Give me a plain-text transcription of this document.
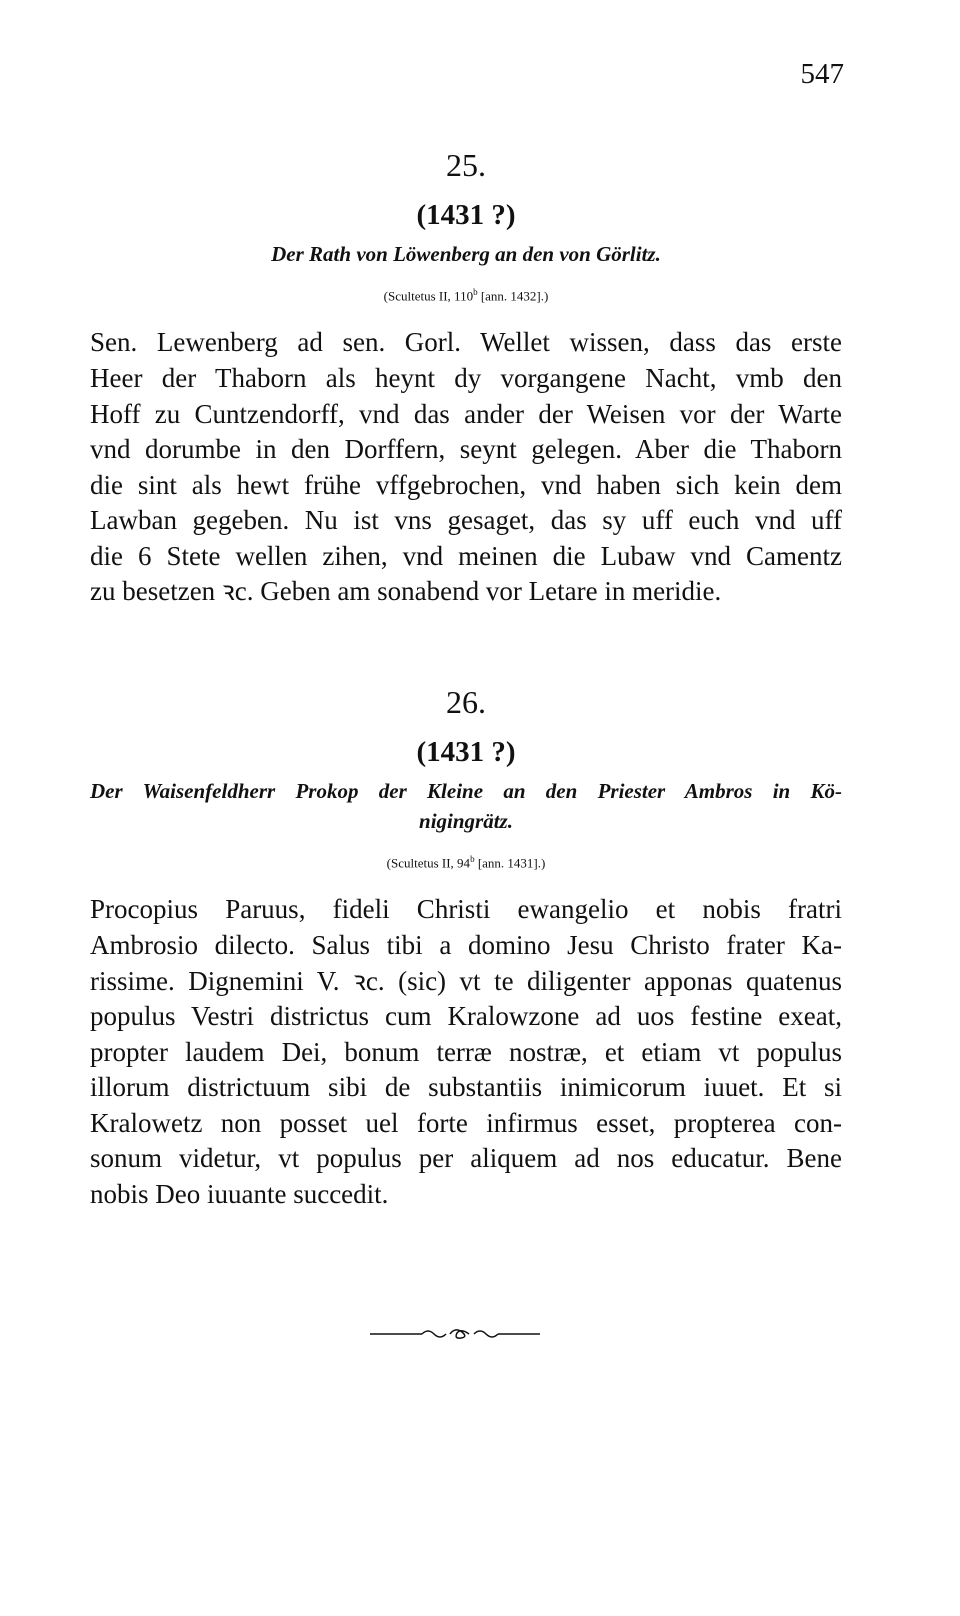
547
25.
(1431 ?)
Der Rath von Löwenberg an den von Görlitz.
(Scultetus II, 110$^b$ [ann. 1432].)
Sen. Lewenberg ad sen. Gorl. Wellet wissen, dass das erste
Heer der Thaborn als heynt dy vorgangene Nacht, vmb den
Hoff zu Cuntzendorff, vnd das ander der Weisen vor der Warte
vnd dorumbe in den Dorffern, seynt gelegen. Aber die Thaborn
die sint als hewt frühe vffgebrochen, vnd haben sich kein dem
Lawban gegeben. Nu ist vns gesaget, das sy uff euch vnd uff
die 6 Stete wellen zihen, vnd meinen die Lubaw vnd Camentz
zu besetzen ꝛc. Geben am sonabend vor Letare in meridie.
26.
(1431 ?)
Der Waisenfeldherr Prokop der Kleine an den Priester Ambros in Kö-
nigingrätz.
(Scultetus II, 94$^b$ [ann. 1431].)
Procopius Paruus, fideli Christi ewangelio et nobis fratri
Ambrosio dilecto. Salus tibi a domino Jesu Christo frater Ka-
rissime. Dignemini V. ꝛc. (sic) vt te diligenter apponas quatenus
populus Vestri districtus cum Kralowzone ad uos festine exeat,
propter laudem Dei, bonum terræ nostræ, et etiam vt populus
illorum districtuum sibi de substantiis inimicorum iuuet. Et si
Kralowetz non posset uel forte infirmus esset, propterea con-
sonum videtur, vt populus per aliquem ad nos educatur. Bene
nobis Deo iuuante succedit.
